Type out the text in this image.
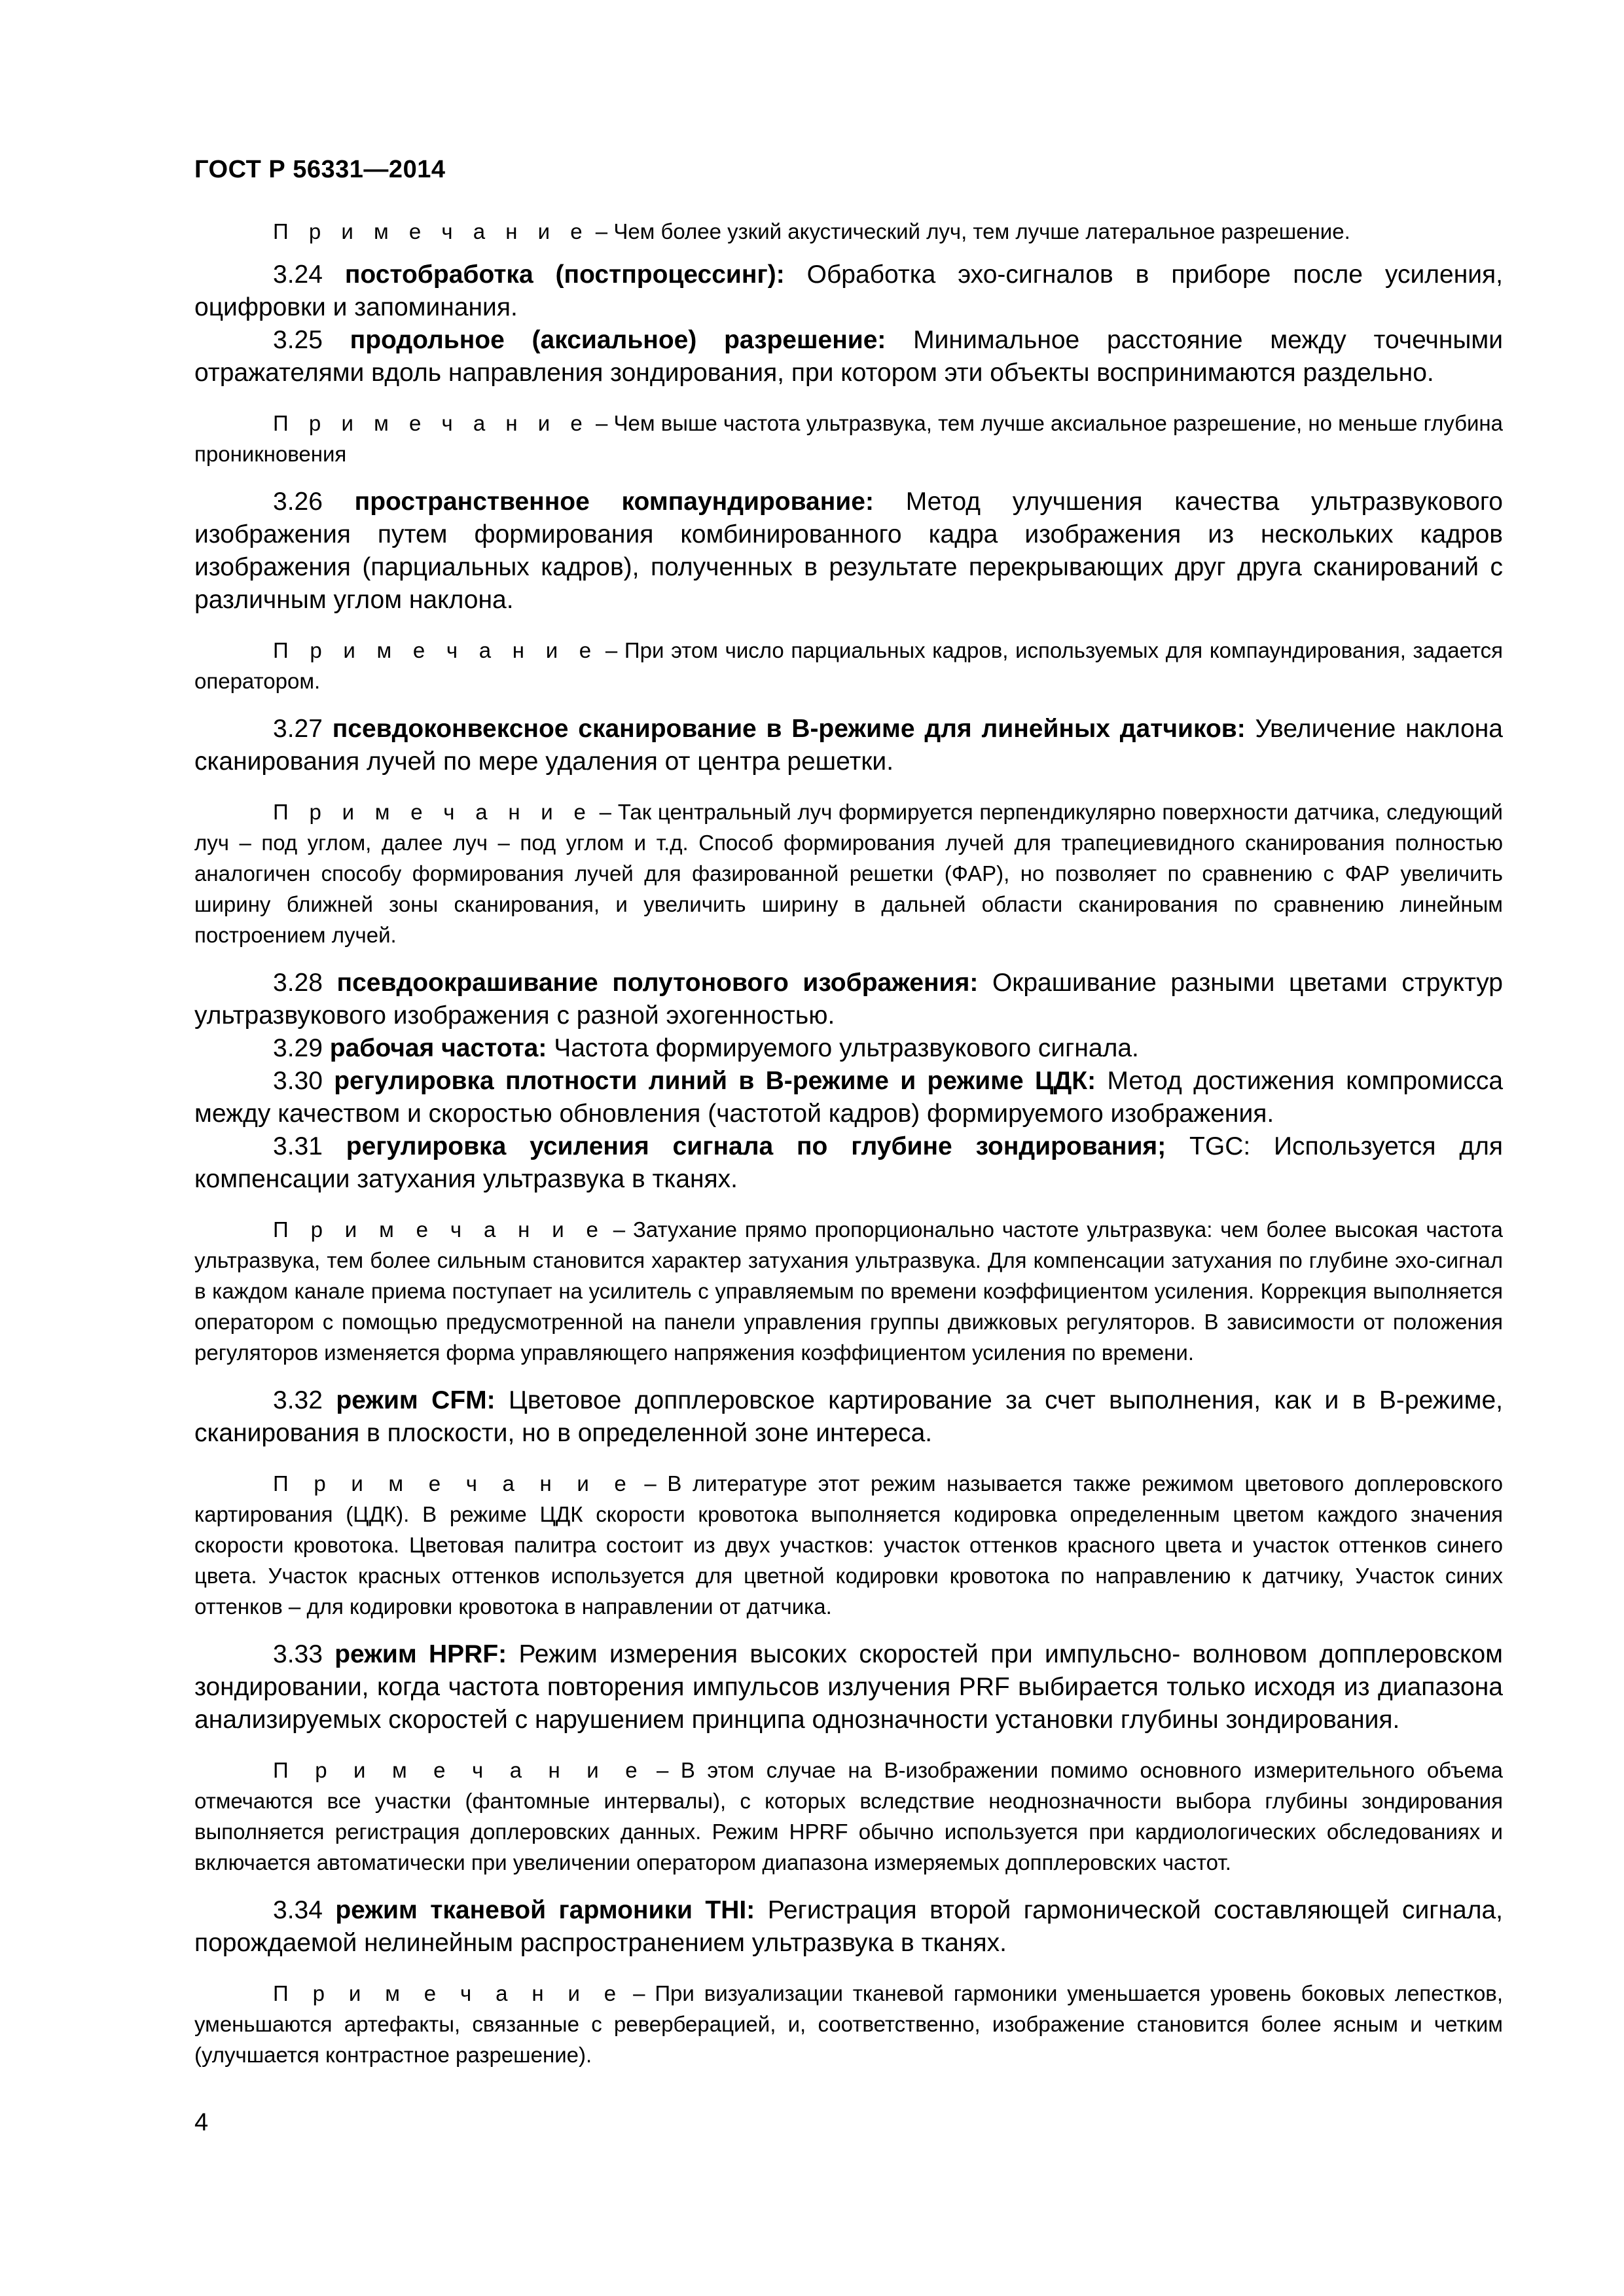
ГОСТ Р 56331—2014

П р и м е ч а н и е – Чем более узкий акустический луч, тем лучше латеральное разрешение.

3.24 постобработка (постпроцессинг): Обработка эхо-сигналов в приборе после усиления, оцифровки и запоминания.

3.25 продольное (аксиальное) разрешение: Минимальное расстояние между точечными отражателями вдоль направления зондирования, при котором эти объекты воспринимаются раздельно.

П р и м е ч а н и е – Чем выше частота ультразвука, тем лучше аксиальное разрешение, но меньше глубина проникновения

3.26 пространственное компаундирование: Метод улучшения качества ультразвукового изображения путем формирования комбинированного кадра изображения из нескольких кадров изображения (парциальных кадров), полученных в результате перекрывающих друг друга сканирований с различным углом наклона.

П р и м е ч а н и е – При этом число парциальных кадров, используемых для компаундирования, задается оператором.

3.27 псевдоконвексное сканирование в В-режиме для линейных датчиков: Увеличение наклона сканирования лучей по мере удаления от центра решетки.

П р и м е ч а н и е – Так центральный луч формируется перпендикулярно поверхности датчика, следующий луч – под углом, далее луч – под углом и т.д. Способ формирования лучей для трапециевидного сканирования полностью аналогичен способу формирования лучей для фазированной решетки (ФАР), но позволяет по сравнению с ФАР увеличить ширину ближней зоны сканирования, и увеличить ширину в дальней области сканирования по сравнению линейным построением лучей.

3.28 псевдоокрашивание полутонового изображения: Окрашивание разными цветами структур ультразвукового изображения с разной эхогенностью.

3.29 рабочая частота: Частота формируемого ультразвукового сигнала.

3.30 регулировка плотности линий в В-режиме и режиме ЦДК: Метод достижения компромисса между качеством и скоростью обновления (частотой кадров) формируемого изображения.

3.31 регулировка усиления сигнала по глубине зондирования; TGC: Используется для компенсации затухания ультразвука в тканях.

П р и м е ч а н и е – Затухание прямо пропорционально частоте ультразвука: чем более высокая частота ультразвука, тем более сильным становится характер затухания ультразвука. Для компенсации затухания по глубине эхо-сигнал в каждом канале приема поступает на усилитель с управляемым по времени коэффициентом усиления. Коррекция выполняется оператором с помощью предусмотренной на панели управления группы движковых регуляторов. В зависимости от положения регуляторов изменяется форма управляющего напряжения коэффициентом усиления по времени.

3.32 режим CFM: Цветовое допплеровское картирование за счет выполнения, как и в В-режиме, сканирования в плоскости, но в определенной зоне интереса.

П р и м е ч а н и е – В литературе этот режим называется также режимом цветового доплеровского картирования (ЦДК). В режиме ЦДК скорости кровотока выполняется кодировка определенным цветом каждого значения скорости кровотока. Цветовая палитра состоит из двух участков: участок оттенков красного цвета и участок оттенков синего цвета. Участок красных оттенков используется для цветной кодировки кровотока по направлению к датчику, Участок синих оттенков – для кодировки кровотока в направлении от датчика.

3.33 режим HPRF: Режим измерения высоких скоростей при импульсно- волновом допплеровском зондировании, когда частота повторения импульсов излучения PRF выбирается только исходя из диапазона анализируемых скоростей с нарушением принципа однозначности установки глубины зондирования.

П р и м е ч а н и е – В этом случае на В-изображении помимо основного измерительного объема отмечаются все участки (фантомные интервалы), с которых вследствие неоднозначности выбора глубины зондирования выполняется регистрация доплеровских данных. Режим HPRF обычно используется при кардиологических обследованиях и включается автоматически при увеличении оператором диапазона измеряемых допплеровских частот.

3.34 режим тканевой гармоники THI: Регистрация второй гармонической составляющей сигнала, порождаемой нелинейным распространением ультразвука в тканях.

П р и м е ч а н и е – При визуализации тканевой гармоники уменьшается уровень боковых лепестков, уменьшаются артефакты, связанные с реверберацией, и, соответственно, изображение становится более ясным и четким (улучшается контрастное разрешение).

4
